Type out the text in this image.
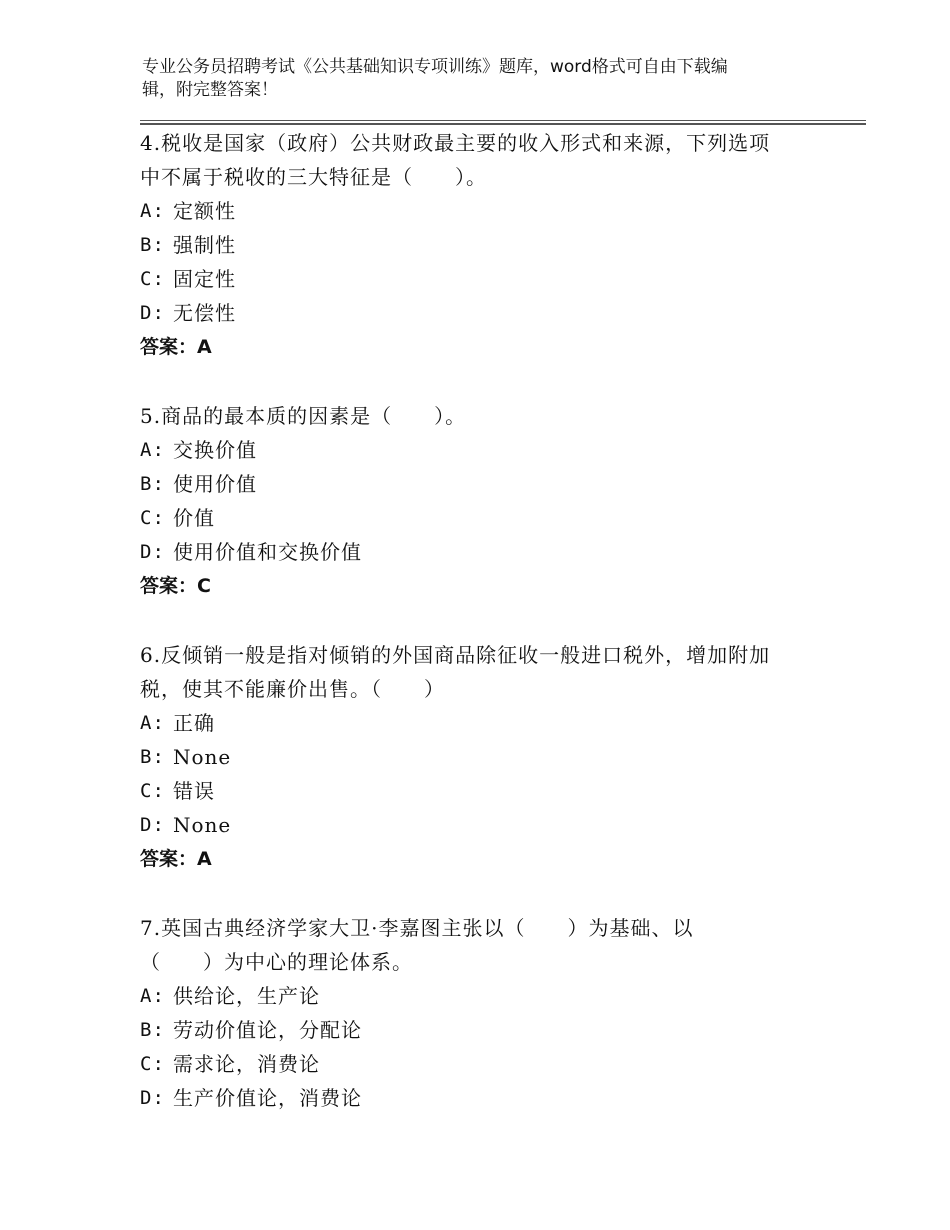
专业公务员招聘考试《公共基础知识专项训练》题库，word格式可自由下载编
辑，附完整答案！

4.税收是国家（政府）公共财政最主要的收入形式和来源，下列选项

中不属于税收的三大特征是（　　）。

A: 定额性

B: 强制性

C: 固定性

D: 无偿性

答案：A

5.商品的最本质的因素是（　　）。

A: 交换价值

B: 使用价值

C: 价值

D: 使用价值和交换价值

答案：C

6.反倾销一般是指对倾销的外国商品除征收一般进口税外，增加附加

税，使其不能廉价出售。（　　）

A: 正确

B: None

C: 错误

D: None

答案：A

7.英国古典经济学家大卫·李嘉图主张以（　　）为基础、以

（　　）为中心的理论体系。

A: 供给论，生产论

B: 劳动价值论，分配论

C: 需求论，消费论

D: 生产价值论，消费论
